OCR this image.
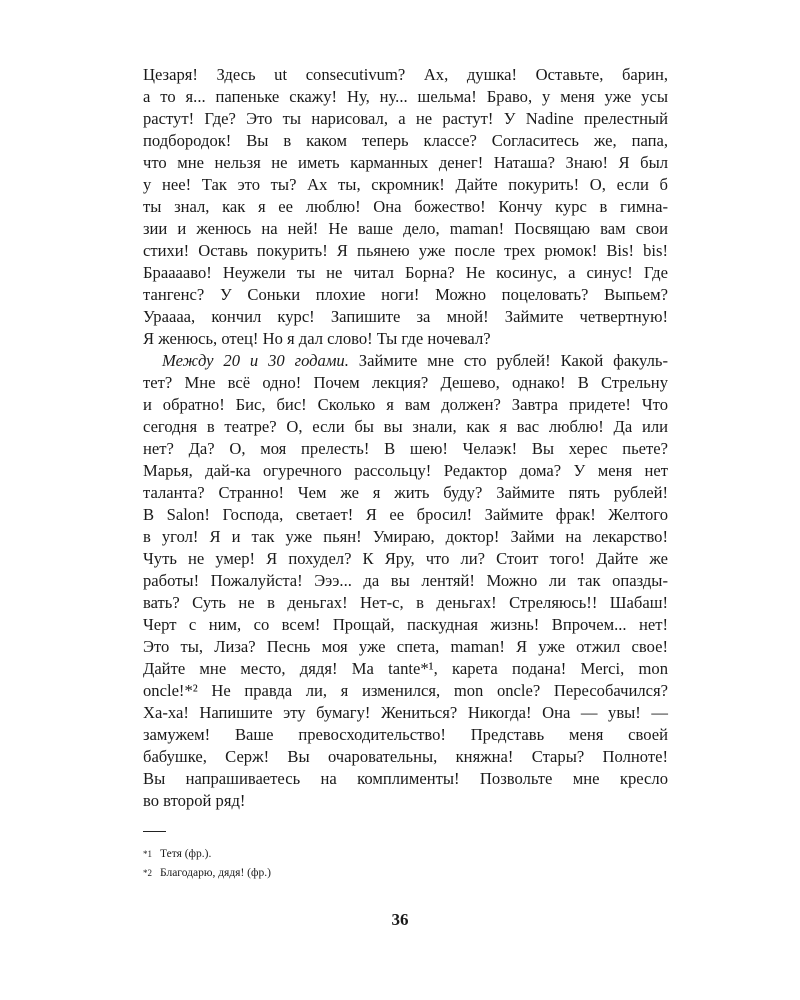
Цезаря! Здесь ut consecutivum? Ах, душка! Оставьте, барин,
а то я... папеньке скажу! Ну, ну... шельма! Браво, у меня уже усы
растут! Где? Это ты нарисовал, а не растут! У Nadine прелестный
подбородок! Вы в каком теперь классе? Согласитесь же, папа,
что мне нельзя не иметь карманных денег! Наташа? Знаю! Я был
у нее! Так это ты? Ах ты, скромник! Дайте покурить! О, если б
ты знал, как я ее люблю! Она божество! Кончу курс в гимна-
зии и женюсь на ней! Не ваше дело, maman! Посвящаю вам свои
стихи! Оставь покурить! Я пьянею уже после трех рюмок! Bis! bis!
Брааааво! Неужели ты не читал Борна? Не косинус, а синус! Где
тангенс? У Соньки плохие ноги! Можно поцеловать? Выпьем?
Ураааа, кончил курс! Запишите за мной! Займите четвертную!
Я женюсь, отец! Но я дал слово! Ты где ночевал?
Между 20 и 30 годами. Займите мне сто рублей! Какой факуль-
тет? Мне всё одно! Почем лекция? Дешево, однако! В Стрельну
и обратно! Бис, бис! Сколько я вам должен? Завтра придете! Что
сегодня в театре? О, если бы вы знали, как я вас люблю! Да или
нет? Да? О, моя прелесть! В шею! Челаэк! Вы херес пьете?
Марья, дай-ка огуречного рассольцу! Редактор дома? У меня нет
таланта? Странно! Чем же я жить буду? Займите пять рублей!
В Salon! Господа, светает! Я ее бросил! Займите фрак! Желтого
в угол! Я и так уже пьян! Умираю, доктор! Займи на лекарство!
Чуть не умер! Я похудел? К Яру, что ли? Стоит того! Дайте же
работы! Пожалуйста! Эээ... да вы лентяй! Можно ли так опазды-
вать? Суть не в деньгах! Нет-с, в деньгах! Стреляюсь!! Шабаш!
Черт с ним, со всем! Прощай, паскудная жизнь! Впрочем... нет!
Это ты, Лиза? Песнь моя уже спета, maman! Я уже отжил свое!
Дайте мне место, дядя! Ma tante*¹, карета подана! Merci, mon
oncle!*² Не правда ли, я изменился, mon oncle? Пересобачился?
Ха-ха! Напишите эту бумагу! Жениться? Никогда! Она — увы! —
замужем! Ваше превосходительство! Представь меня своей
бабушке, Серж! Вы очаровательны, княжна! Стары? Полноте!
Вы напрашиваетесь на комплименты! Позвольте мне кресло
во второй ряд!
*1 Тетя (фр.).
*2 Благодарю, дядя! (фр.)
36
